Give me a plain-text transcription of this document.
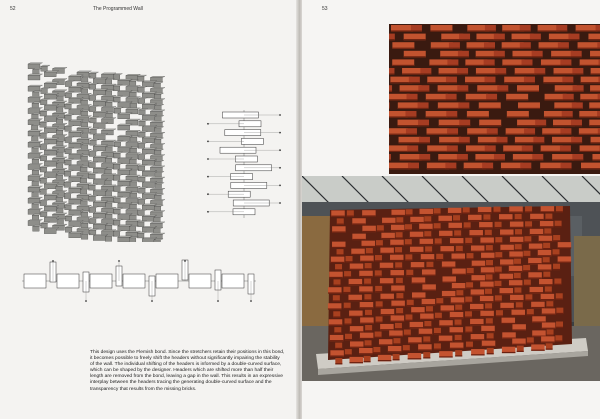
52	The Programmed Wall

This design uses the Flemish bond. Since the stretchers retain their positions in this bond, it becomes possible to freely shift the headers without significantly impairing the stability of the wall. The individual shifting of the headers is informed by a double-curved surface, which can be shaped by the designer. Headers which are shifted more than half their length are removed from the bond, leaving a gap in the wall. This results in an expressive interplay between the headers tracing the generating double-curved surface and the transparency that results from the missing bricks.

53
